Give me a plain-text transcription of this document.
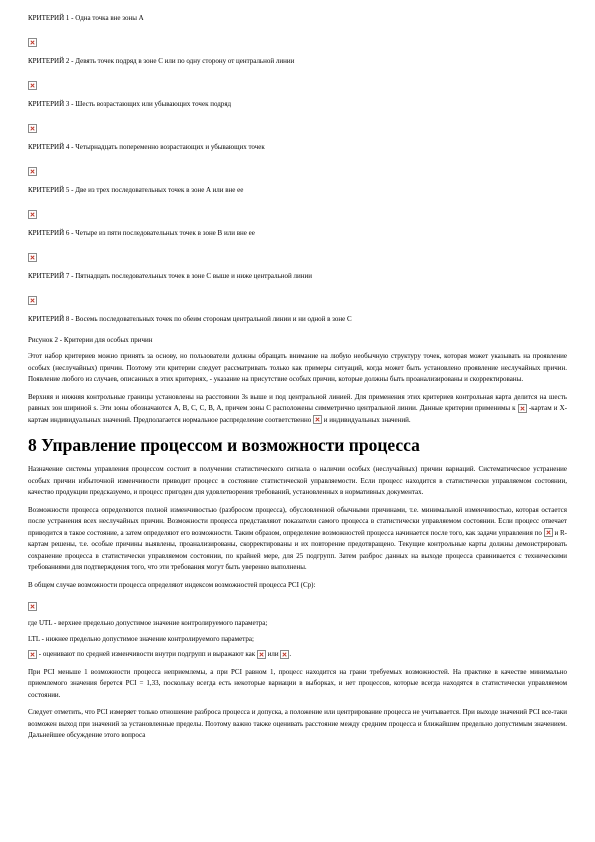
КРИТЕРИЙ 1 - Одна точка вне зоны A

КРИТЕРИЙ 2 - Девять точек подряд в зоне С или по одну сторону от центральной линии

КРИТЕРИЙ 3 - Шесть возрастающих или убывающих точек подряд

КРИТЕРИЙ 4 - Четырнадцать попеременно возрастающих и убывающих точек

КРИТЕРИЙ 5 - Две из трех последовательных точек в зоне A или вне ее

КРИТЕРИЙ 6 - Четыре из пяти последовательных точек в зоне B или вне ее

КРИТЕРИЙ 7 - Пятнадцать последовательных точек в зоне C выше и ниже центральной линии

КРИТЕРИЙ 8 - Восемь последовательных точек по обеим сторонам центральной линии и ни одной в зоне С

Рисунок 2 - Критерии для особых причин

Этот набор критериев можно принять за основу, но пользователи должны обращать внимание на любую необычную структуру точек, которая может указывать на проявление особых (неслучайных) причин. Поэтому эти критерии следует рассматривать только как примеры ситуаций, когда может быть установлено проявление неслучайных причин. Появление любого из случаев, описанных в этих критериях, - указание на присутствие особых причин, которые должны быть проанализированы и скорректированы.

Верхняя и нижняя контрольные границы установлены на расстоянии 3s выше и под центральной линией. Для применения этих критериев контрольная карта делится на шесть равных зон шириной s. Эти зоны обозначаются A, B, C, C, B, A, причем зоны С расположены симметрично центральной линии. Данные критерии применимы к -картам и X-картам индивидуальных значений. Предполагается нормальное распределение соответственно и индивидуальных значений.

8 Управление процессом и возможности процесса

Назначение системы управления процессом состоит в получении статистического сигнала о наличии особых (неслучайных) причин вариаций. Систематическое устранение особых причин избыточной изменчивости приводит процесс в состояние статистической управляемости. Если процесс находится в статистически управляемом состоянии, качество продукции предсказуемо, и процесс пригоден для удовлетворения требований, установленных в нормативных документах.

Возможности процесса определяются полной изменчивостью (разбросом процесса), обусловленной обычными причинами, т.е. минимальной изменчивостью, которая остается после устранения всех неслучайных причин. Возможности процесса представляют показатели самого процесса в статистически управляемом состоянии. Если процесс отвечает приводится в такое состояние, а затем определяют его возможности. Таким образом, определение возможностей процесса начинается после того, как задачи управления по и R-картам решены, т.е. особые причины выявлены, проанализированы, скорректированы и их повторение предотвращено. Текущие контрольные карты должны демонстрировать сохранение процесса в статистически управляемом состоянии, по крайней мере, для 25 подгрупп. Затем разброс данных на выходе процесса сравнивается с техническими требованиями для подтверждения того, что эти требования могут быть уверенно выполнены.

В общем случае возможности процесса определяют индексом возможностей процесса PCI (Cp):

где UTL - верхнее предельно допустимое значение контролируемого параметра;

LTL - нижнее предельно допустимое значение контролируемого параметра;

- оценивают по средней изменчивости внутри подгрупп и выражают как или .

При PCI меньше 1 возможности процесса неприемлемы, а при PCI равном 1, процесс находится на грани требуемых возможностей. На практике в качестве минимально приемлемого значения берется PCI = 1,33, поскольку всегда есть некоторые вариации в выборках, и нет процессов, которые всегда находятся в статистически управляемом состоянии.

Следует отметить, что PCI измеряет только отношение разброса процесса и допуска, а положение или центрирование процесса не учитывается. При выходе значений PCI все-таки возможен выход при значений за установленные пределы. Поэтому важно также оценивать расстояние между средним процесса и ближайшим предельно допустимым значением. Дальнейшее обсуждение этого вопроса
